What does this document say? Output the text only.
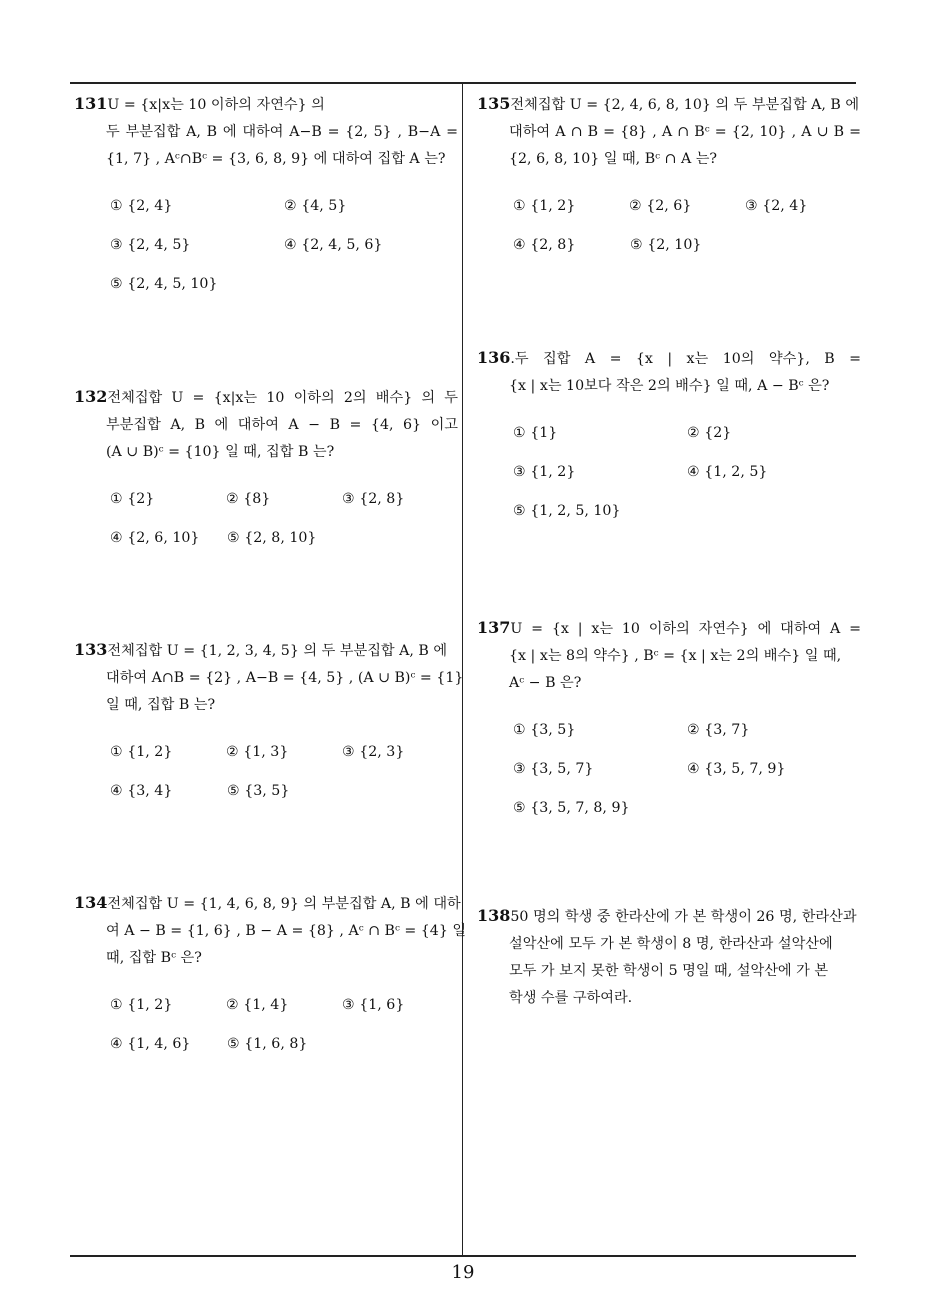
131U = {x|x는 10 이하의 자연수} 의
두 부분집합 A, B 에 대하여 A−B = {2, 5} , B−A =
{1, 7} , Aᶜ∩Bᶜ = {3, 6, 8, 9} 에 대하여 집합 A 는?
① {2, 4}	② {4, 5}
③ {2, 4, 5}	④ {2, 4, 5, 6}
⑤ {2, 4, 5, 10}
132전체집합 U = {x|x는 10 이하의 2의 배수} 의 두
부분집합 A, B 에 대하여 A − B = {4, 6} 이고
(A ∪ B)ᶜ = {10} 일 때, 집합 B 는?
① {2}	② {8}	③ {2, 8}
④ {2, 6, 10}	⑤ {2, 8, 10}
133전체집합 U = {1, 2, 3, 4, 5} 의 두 부분집합 A, B 에
대하여 A∩B = {2} , A−B = {4, 5} , (A ∪ B)ᶜ = {1}
일 때, 집합 B 는?
① {1, 2}	② {1, 3}	③ {2, 3}
④ {3, 4}	⑤ {3, 5}
134전체집합 U = {1, 4, 6, 8, 9} 의 부분집합 A, B 에 대하
여 A − B = {1, 6} , B − A = {8} , Aᶜ ∩ Bᶜ = {4} 일
때, 집합 Bᶜ 은?
① {1, 2}	② {1, 4}	③ {1, 6}
④ {1, 4, 6}	⑤ {1, 6, 8}
135전체집합 U = {2, 4, 6, 8, 10} 의 두 부분집합 A, B 에
대하여 A ∩ B = {8} , A ∩ Bᶜ = {2, 10} , A ∪ B =
{2, 6, 8, 10} 일 때, Bᶜ ∩ A 는?
① {1, 2}	② {2, 6}	③ {2, 4}
④ {2, 8}	⑤ {2, 10}
136.두 집합 A = {x | x는 10의 약수}, B =
{x | x는 10보다 작은 2의 배수} 일 때, A − Bᶜ 은?
① {1}	② {2}
③ {1, 2}	④ {1, 2, 5}
⑤ {1, 2, 5, 10}
137U = {x | x는 10 이하의 자연수} 에 대하여 A =
{x | x는 8의 약수} , Bᶜ = {x | x는 2의 배수} 일 때,
Aᶜ − B 은?
① {3, 5}	② {3, 7}
③ {3, 5, 7}	④ {3, 5, 7, 9}
⑤ {3, 5, 7, 8, 9}
13850 명의 학생 중 한라산에 가 본 학생이 26 명, 한라산과
설악산에 모두 가 본 학생이 8 명, 한라산과 설악산에
모두 가 보지 못한 학생이 5 명일 때, 설악산에 가 본
학생 수를 구하여라.
19
